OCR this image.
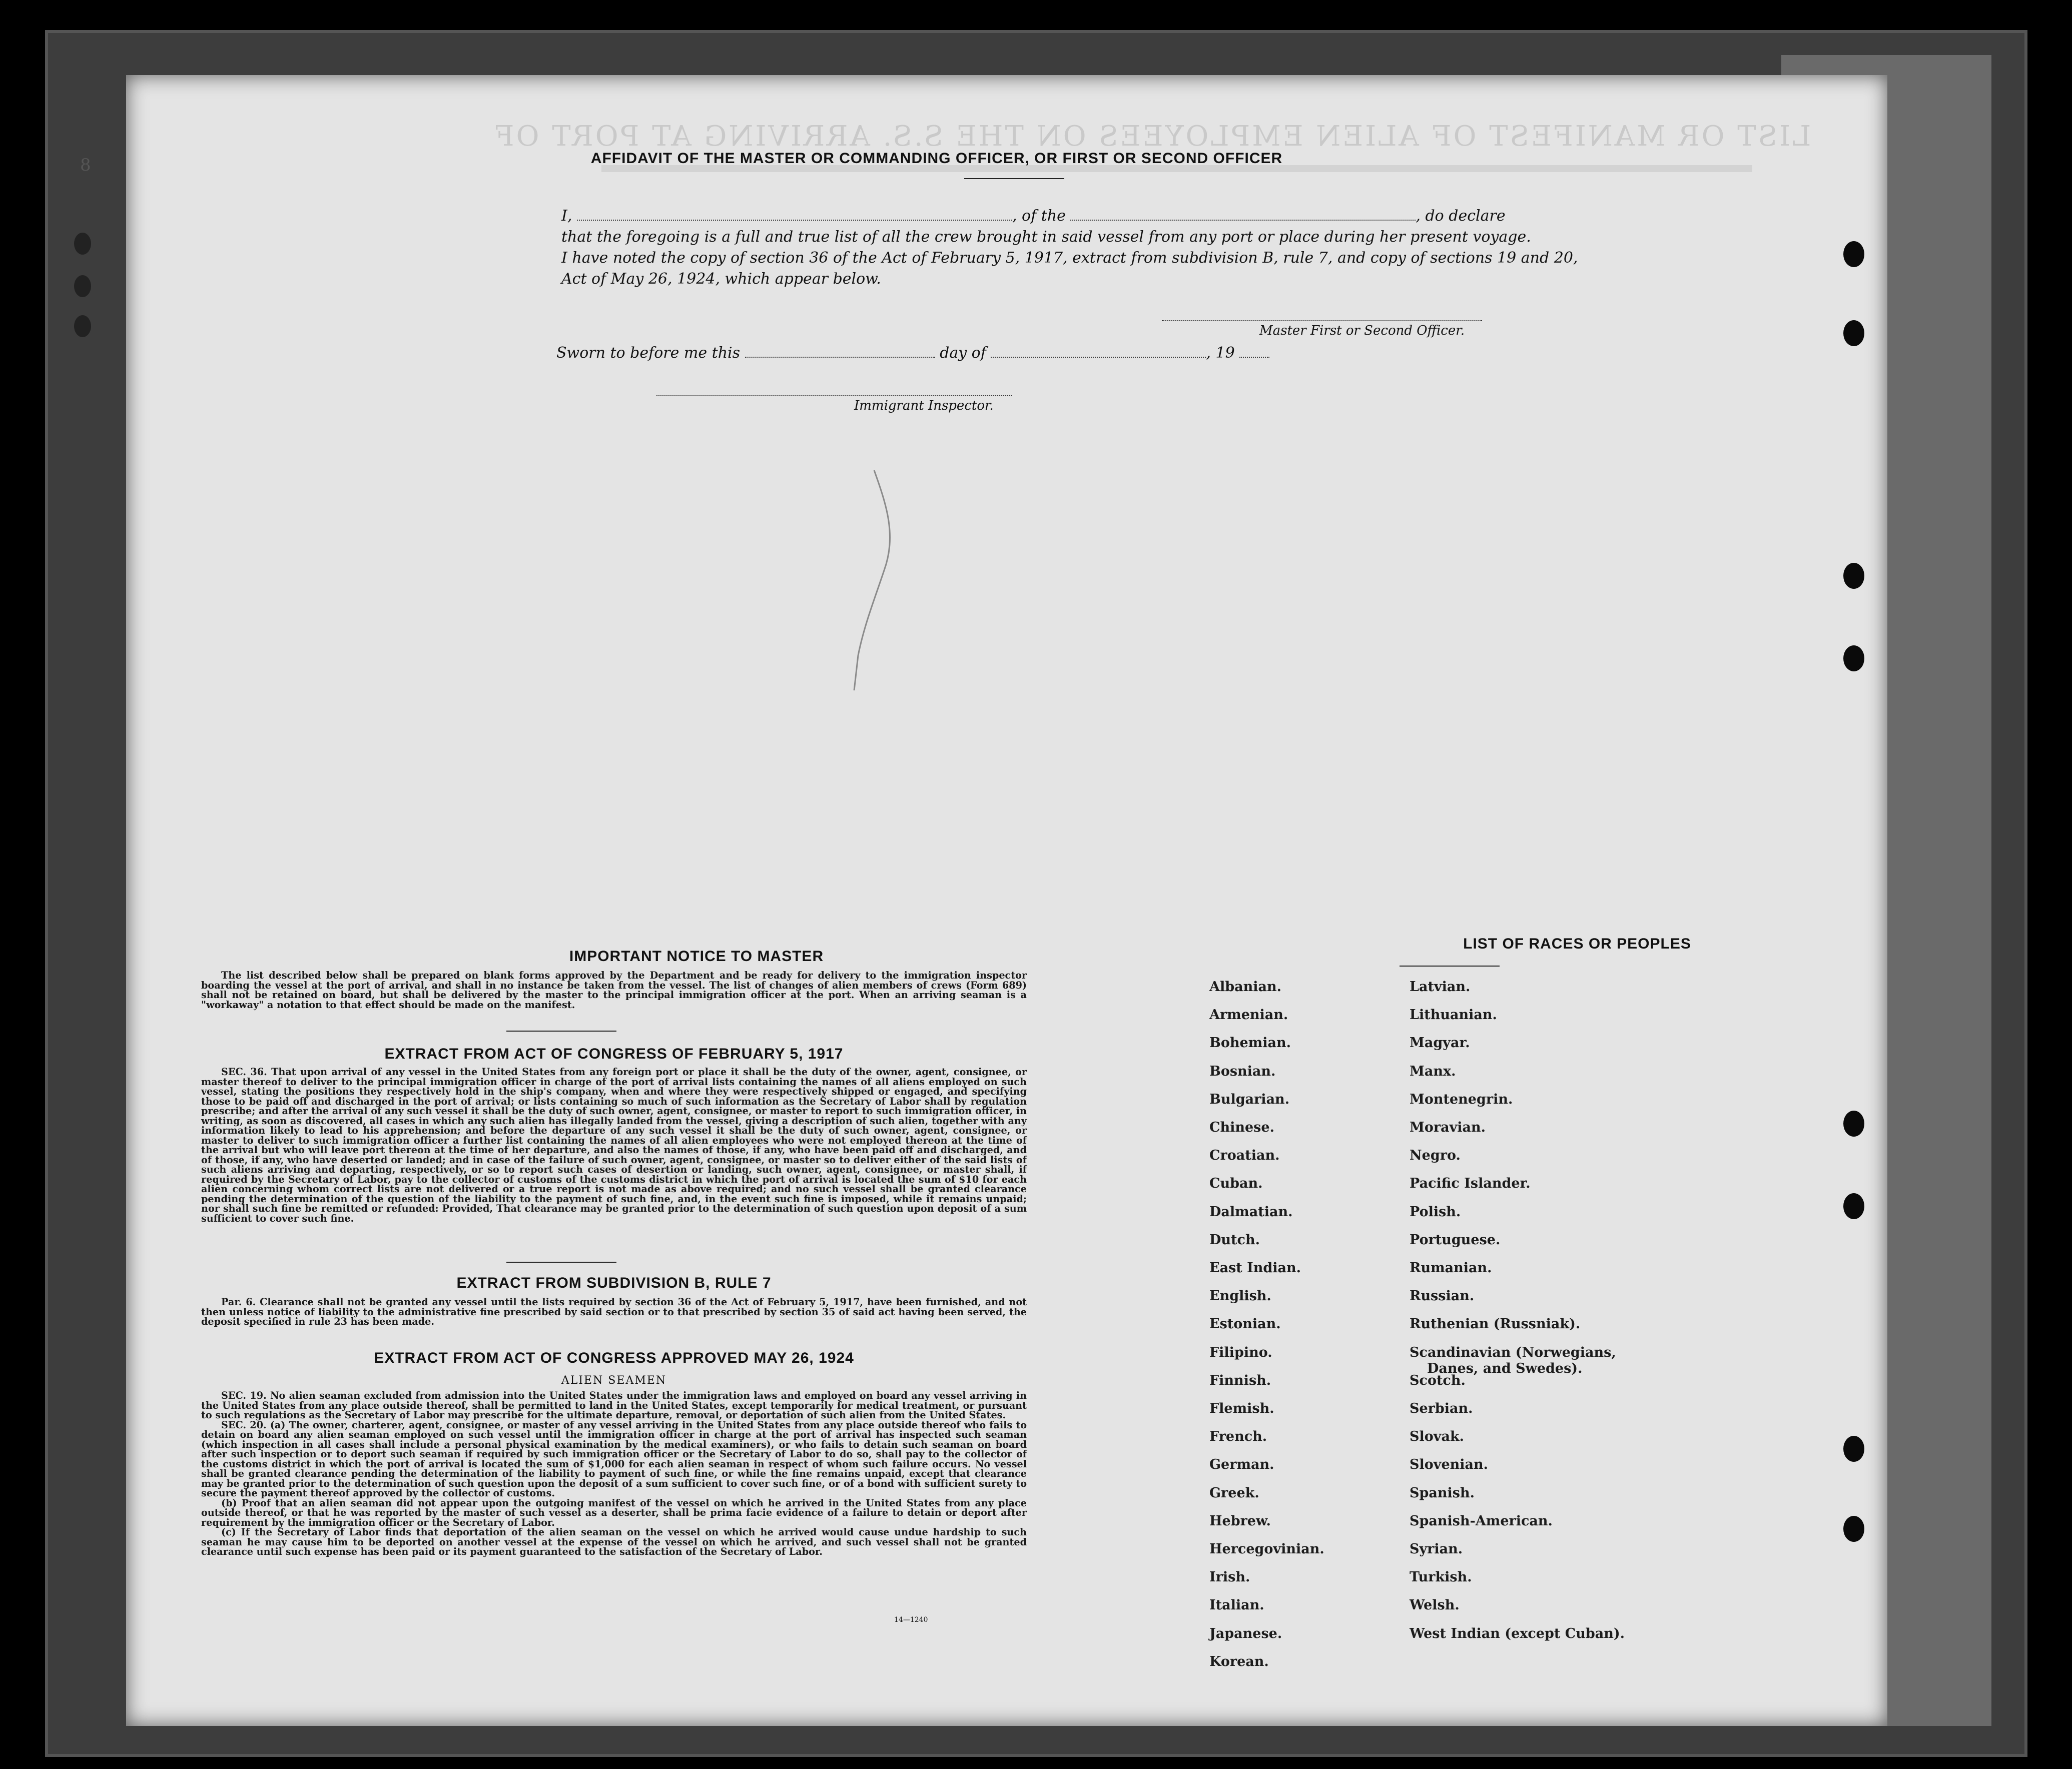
8
LIST OR MANIFEST OF ALIEN EMPLOYEES ON THE S.S. ARRIVING AT PORT OF
AFFIDAVIT OF THE MASTER OR COMMANDING OFFICER, OR FIRST OR SECOND OFFICER
I,	, of the	, do declare
that the foregoing is a full and true list of all the crew brought in said vessel from any port or place during her present voyage.
I have noted the copy of section 36 of the Act of February 5, 1917, extract from subdivision B, rule 7, and copy of sections 19 and 20,
Act of May 26, 1924, which appear below.
Master First or Second Officer.
Sworn to before me this	day of	, 19
Immigrant Inspector.
IMPORTANT NOTICE TO MASTER

The list described below shall be prepared on blank forms approved by the Department and be ready for delivery to the immigration inspector boarding the vessel at the port of arrival, and shall in no instance be taken from the vessel. The list of changes of alien members of crews (Form 689) shall not be retained on board, but shall be delivered by the master to the principal immigration officer at the port. When an arriving seaman is a "workaway" a notation to that effect should be made on the manifest.

EXTRACT FROM ACT OF CONGRESS OF FEBRUARY 5, 1917

SEC. 36. That upon arrival of any vessel in the United States from any foreign port or place it shall be the duty of the owner, agent, consignee, or master thereof to deliver to the principal immigration officer in charge of the port of arrival lists containing the names of all aliens employed on such vessel, stating the positions they respectively hold in the ship's company, when and where they were respectively shipped or engaged, and specifying those to be paid off and discharged in the port of arrival; or lists containing so much of such information as the Secretary of Labor shall by regulation prescribe; and after the arrival of any such vessel it shall be the duty of such owner, agent, consignee, or master to report to such immigration officer, in writing, as soon as discovered, all cases in which any such alien has illegally landed from the vessel, giving a description of such alien, together with any information likely to lead to his apprehension; and before the departure of any such vessel it shall be the duty of such owner, agent, consignee, or master to deliver to such immigration officer a further list containing the names of all alien employees who were not employed thereon at the time of the arrival but who will leave port thereon at the time of her departure, and also the names of those, if any, who have been paid off and discharged, and of those, if any, who have deserted or landed; and in case of the failure of such owner, agent, consignee, or master so to deliver either of the said lists of such aliens arriving and departing, respectively, or so to report such cases of desertion or landing, such owner, agent, consignee, or master shall, if required by the Secretary of Labor, pay to the collector of customs of the customs district in which the port of arrival is located the sum of $10 for each alien concerning whom correct lists are not delivered or a true report is not made as above required; and no such vessel shall be granted clearance pending the determination of the question of the liability to the payment of such fine, and, in the event such fine is imposed, while it remains unpaid; nor shall such fine be remitted or refunded: Provided, That clearance may be granted prior to the determination of such question upon deposit of a sum sufficient to cover such fine.

EXTRACT FROM SUBDIVISION B, RULE 7

Par. 6. Clearance shall not be granted any vessel until the lists required by section 36 of the Act of February 5, 1917, have been furnished, and not then unless notice of liability to the administrative fine prescribed by said section or to that prescribed by section 35 of said act having been served, the deposit specified in rule 23 has been made.

EXTRACT FROM ACT OF CONGRESS APPROVED MAY 26, 1924
ALIEN SEAMEN

SEC. 19. No alien seaman excluded from admission into the United States under the immigration laws and employed on board any vessel arriving in the United States from any place outside thereof, shall be permitted to land in the United States, except temporarily for medical treatment, or pursuant to such regulations as the Secretary of Labor may prescribe for the ultimate departure, removal, or deportation of such alien from the United States.

SEC. 20. (a) The owner, charterer, agent, consignee, or master of any vessel arriving in the United States from any place outside thereof who fails to detain on board any alien seaman employed on such vessel until the immigration officer in charge at the port of arrival has inspected such seaman (which inspection in all cases shall include a personal physical examination by the medical examiners), or who fails to detain such seaman on board after such inspection or to deport such seaman if required by such immigration officer or the Secretary of Labor to do so, shall pay to the collector of the customs district in which the port of arrival is located the sum of $1,000 for each alien seaman in respect of whom such failure occurs. No vessel shall be granted clearance pending the determination of the liability to payment of such fine, or while the fine remains unpaid, except that clearance may be granted prior to the determination of such question upon the deposit of a sum sufficient to cover such fine, or of a bond with sufficient surety to secure the payment thereof approved by the collector of customs.

(b) Proof that an alien seaman did not appear upon the outgoing manifest of the vessel on which he arrived in the United States from any place outside thereof, or that he was reported by the master of such vessel as a deserter, shall be prima facie evidence of a failure to detain or deport after requirement by the immigration officer or the Secretary of Labor.

(c) If the Secretary of Labor finds that deportation of the alien seaman on the vessel on which he arrived would cause undue hardship to such seaman he may cause him to be deported on another vessel at the expense of the vessel on which he arrived, and such vessel shall not be granted clearance until such expense has been paid or its payment guaranteed to the satisfaction of the Secretary of Labor.

14—1240
LIST OF RACES OR PEOPLES
Albanian.
Armenian.
Bohemian.
Bosnian.
Bulgarian.
Chinese.
Croatian.
Cuban.
Dalmatian.
Dutch.
East Indian.
English.
Estonian.
Filipino.
Finnish.
Flemish.
French.
German.
Greek.
Hebrew.
Hercegovinian.
Irish.
Italian.
Japanese.
Korean.
Latvian.
Lithuanian.
Magyar.
Manx.
Montenegrin.
Moravian.
Negro.
Pacific Islander.
Polish.
Portuguese.
Rumanian.
Russian.
Ruthenian (Russniak).
Scandinavian (Norwegians,
Danes, and Swedes).
Scotch.
Serbian.
Slovak.
Slovenian.
Spanish.
Spanish-American.
Syrian.
Turkish.
Welsh.
West Indian (except Cuban).
